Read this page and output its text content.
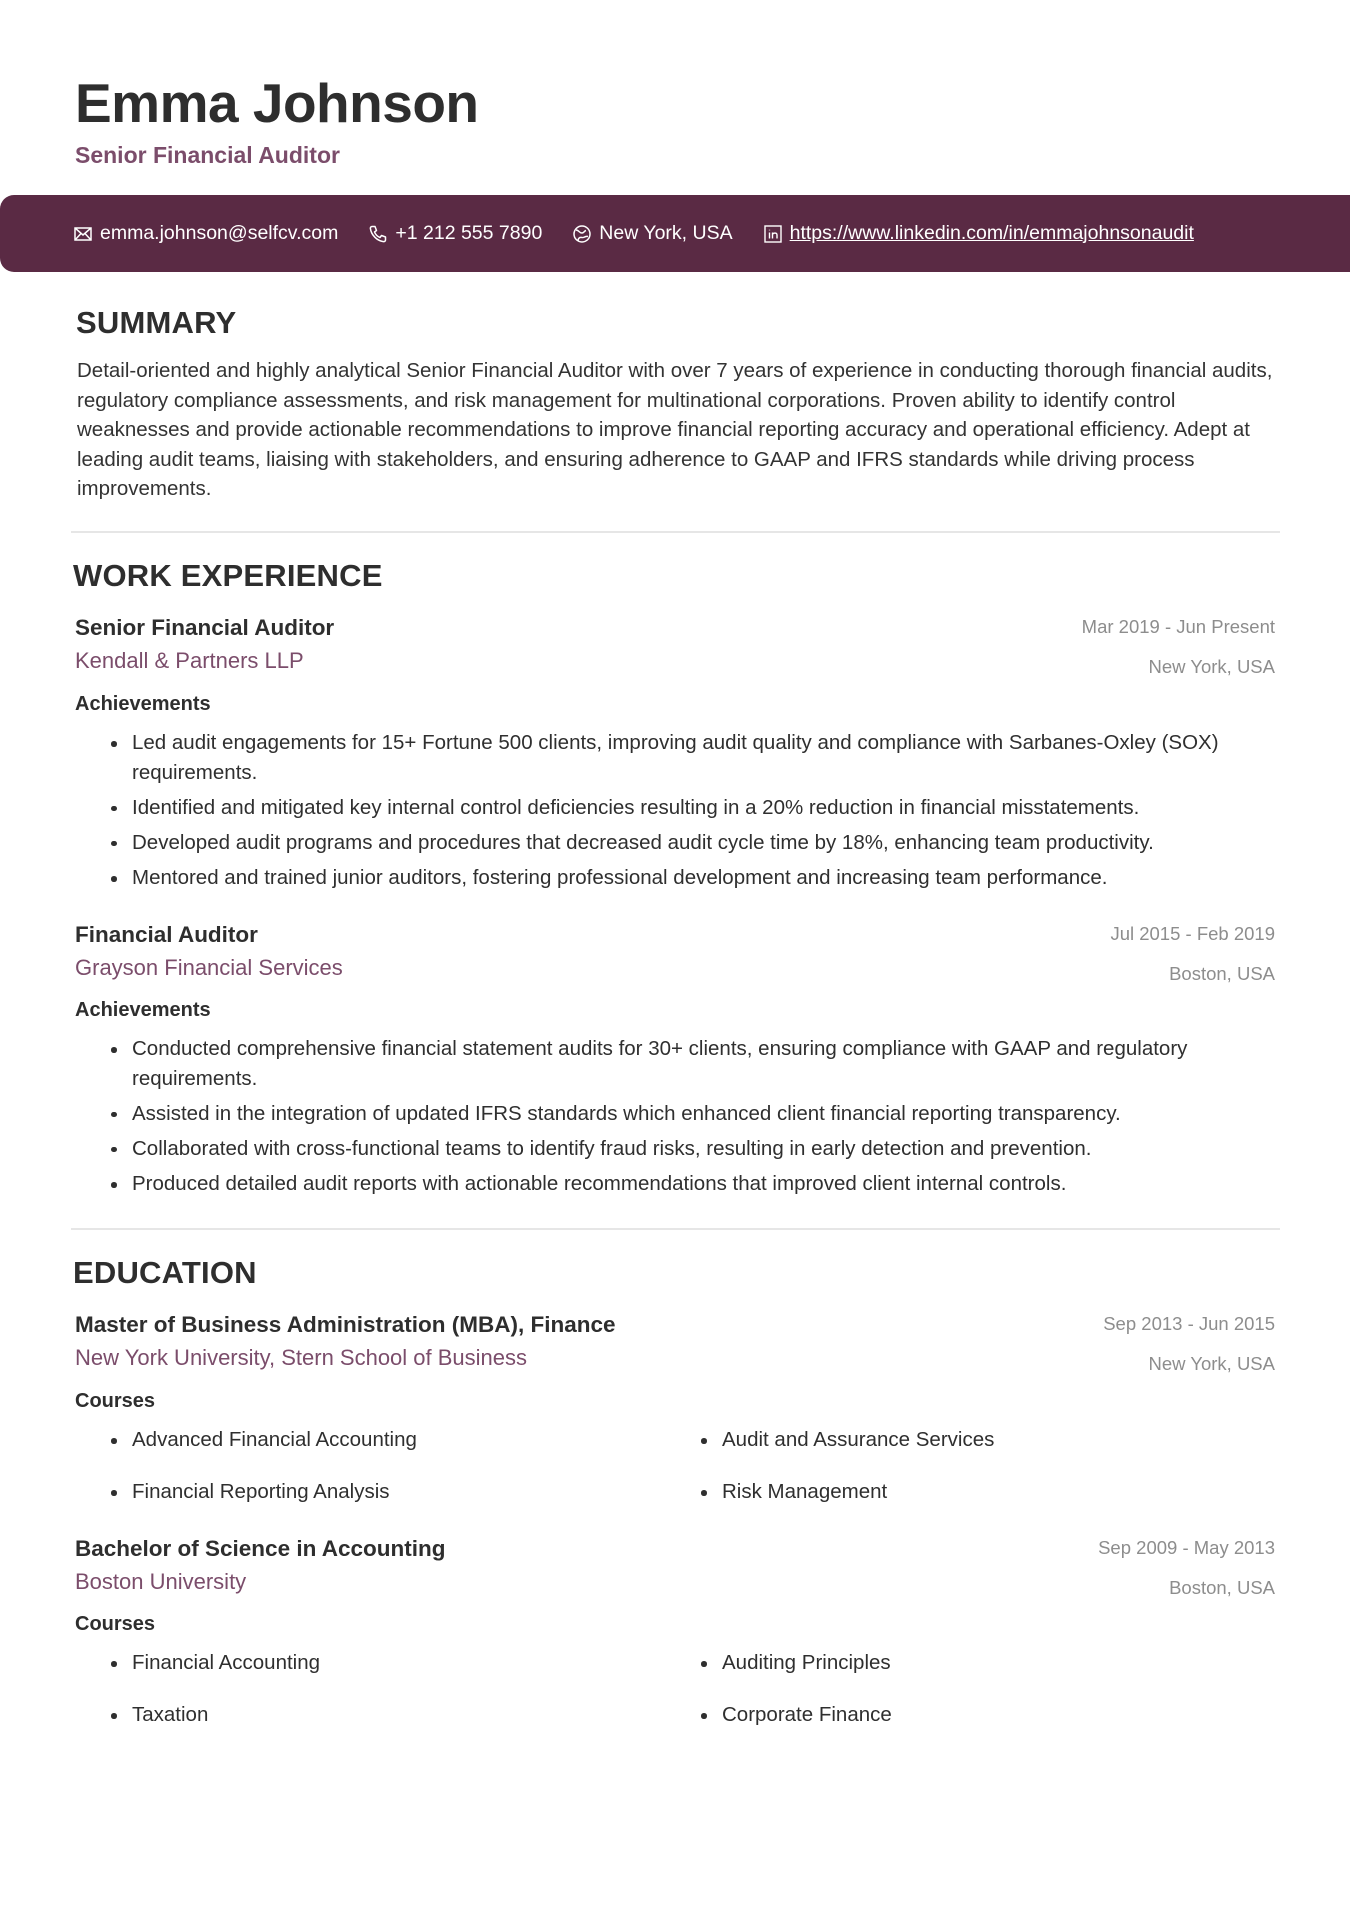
Emma Johnson
Senior Financial Auditor
emma.johnson@selfcv.com	+1 212 555 7890	New York, USA	https://www.linkedin.com/in/emmajohnsonaudit
SUMMARY

Detail-oriented and highly analytical Senior Financial Auditor with over 7 years of experience in conducting thorough financial audits, regulatory compliance assessments, and risk management for multinational corporations. Proven ability to identify control weaknesses and provide actionable recommendations to improve financial reporting accuracy and operational efficiency. Adept at leading audit teams, liaising with stakeholders, and ensuring adherence to GAAP and IFRS standards while driving process improvements.

WORK EXPERIENCE
Senior Financial Auditor	Mar 2019 - Jun Present
Kendall & Partners LLP	New York, USA
Achievements
Led audit engagements for 15+ Fortune 500 clients, improving audit quality and compliance with Sarbanes-Oxley (SOX) requirements.
Identified and mitigated key internal control deficiencies resulting in a 20% reduction in financial misstatements.
Developed audit programs and procedures that decreased audit cycle time by 18%, enhancing team productivity.
Mentored and trained junior auditors, fostering professional development and increasing team performance.
Financial Auditor	Jul 2015 - Feb 2019
Grayson Financial Services	Boston, USA
Achievements
Conducted comprehensive financial statement audits for 30+ clients, ensuring compliance with GAAP and regulatory requirements.
Assisted in the integration of updated IFRS standards which enhanced client financial reporting transparency.
Collaborated with cross-functional teams to identify fraud risks, resulting in early detection and prevention.
Produced detailed audit reports with actionable recommendations that improved client internal controls.
EDUCATION
Master of Business Administration (MBA), Finance	Sep 2013 - Jun 2015
New York University, Stern School of Business	New York, USA
Courses
Advanced Financial Accounting	Audit and Assurance Services
Financial Reporting Analysis	Risk Management
Bachelor of Science in Accounting	Sep 2009 - May 2013
Boston University	Boston, USA
Courses
Financial Accounting	Auditing Principles
Taxation	Corporate Finance
